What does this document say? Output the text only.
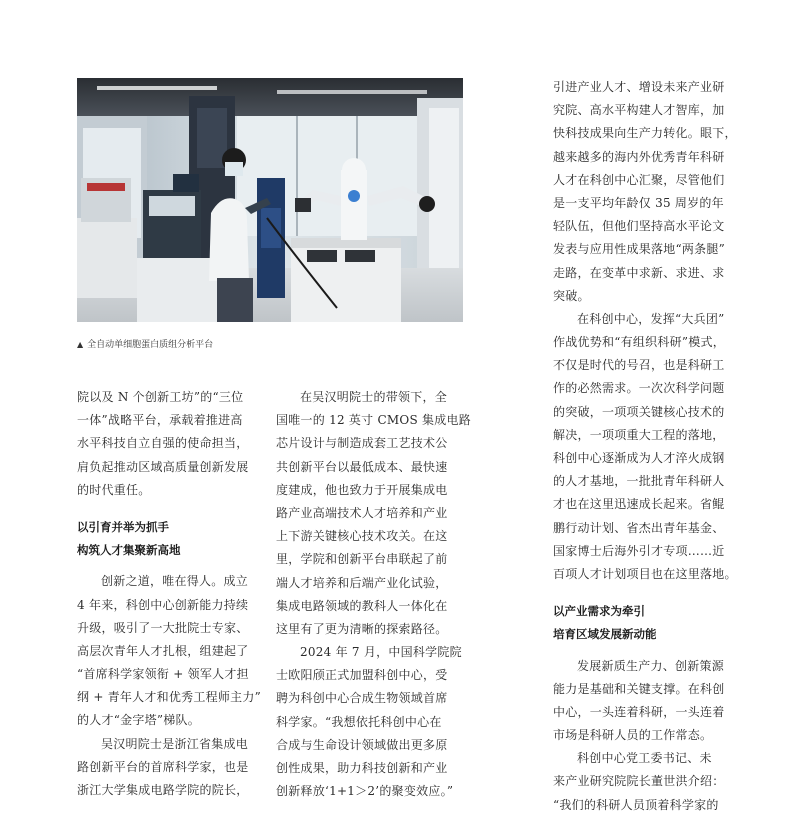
▲ 全自动单细胞蛋白质组分析平台

院以及 N 个创新工坊”的“三位
一体”战略平台，承载着推进高
水平科技自立自强的使命担当，
肩负起推动区域高质量创新发展
的时代重任。

以引育并举为抓手
构筑人才集聚新高地

创新之道，唯在得人。成立
4 年来，科创中心创新能力持续
升级，吸引了一大批院士专家、
高层次青年人才扎根，组建起了
“首席科学家领衔 + 领军人才担
纲 + 青年人才和优秀工程师主力”
的人才“金字塔”梯队。

吴汉明院士是浙江省集成电
路创新平台的首席科学家，也是
浙江大学集成电路学院的院长，

在吴汉明院士的带领下，全
国唯一的 12 英寸 CMOS 集成电路
芯片设计与制造成套工艺技术公
共创新平台以最低成本、最快速
度建成，他也致力于开展集成电
路产业高端技术人才培养和产业
上下游关键核心技术攻关。在这
里，学院和创新平台串联起了前
端人才培养和后端产业化试验，
集成电路领域的教科人一体化在
这里有了更为清晰的探索路径。

2024 年 7 月，中国科学院院
士欧阳颀正式加盟科创中心，受
聘为科创中心合成生物领域首席
科学家。“我想依托科创中心在
合成与生命设计领域做出更多原
创性成果，助力科技创新和产业
创新释放‘1+1＞2’的聚变效应。”

引进产业人才、增设未来产业研
究院、高水平构建人才智库，加
快科技成果向生产力转化。眼下，
越来越多的海内外优秀青年科研
人才在科创中心汇聚，尽管他们
是一支平均年龄仅 35 周岁的年
轻队伍，但他们坚持高水平论文
发表与应用性成果落地“两条腿”
走路，在变革中求新、求进、求
突破。

在科创中心，发挥“大兵团”
作战优势和“有组织科研”模式，
不仅是时代的号召，也是科研工
作的必然需求。一次次科学问题
的突破，一项项关键核心技术的
解决，一项项重大工程的落地，
科创中心逐渐成为人才淬火成钢
的人才基地，一批批青年科研人
才也在这里迅速成长起来。省鲲
鹏行动计划、省杰出青年基金、
国家博士后海外引才专项……近
百项人才计划项目也在这里落地。

以产业需求为牵引
培育区域发展新动能

发展新质生产力、创新策源
能力是基础和关键支撑。在科创
中心，一头连着科研，一头连着
市场是科研人员的工作常态。

科创中心党工委书记、未
来产业研究院院长董世洪介绍：
“我们的科研人员顶着科学家的
